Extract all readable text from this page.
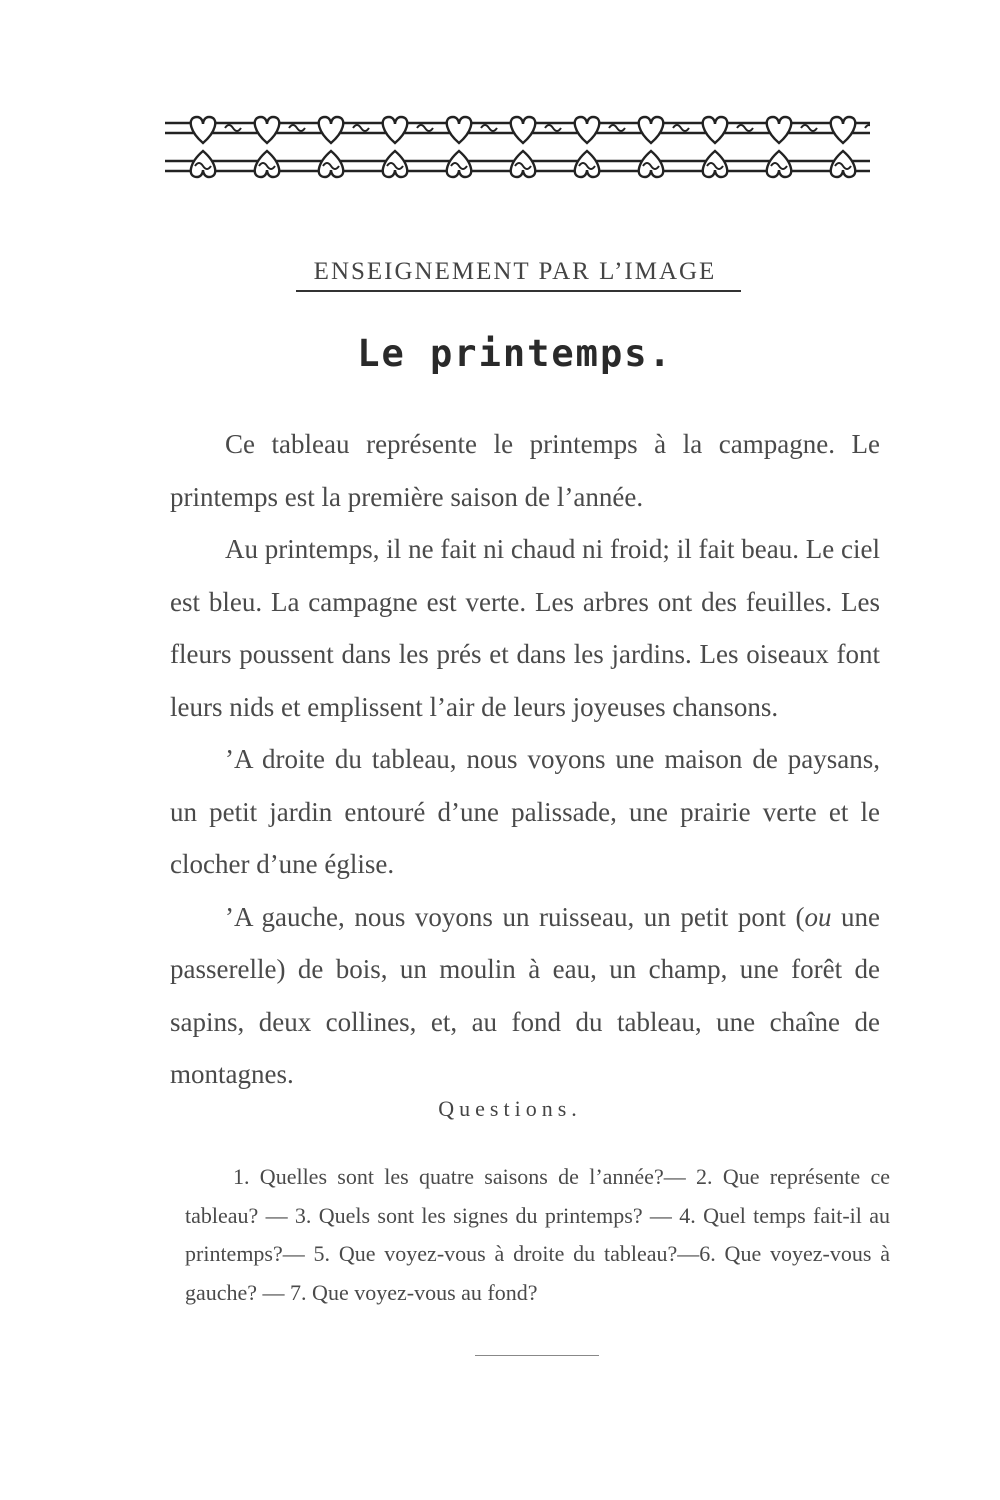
ENSEIGNEMENT PAR L’IMAGE
Le printemps.

Ce tableau représente le printemps à la campagne. Le printemps est la première saison de l’année.

Au printemps, il ne fait ni chaud ni froid; il fait beau. Le ciel est bleu. La campagne est verte. Les arbres ont des feuilles. Les fleurs poussent dans les prés et dans les jardins. Les oiseaux font leurs nids et emplissent l’air de leurs joyeuses chansons.

’A droite du tableau, nous voyons une maison de paysans, un petit jardin entouré d’une palissade, une prairie verte et le clocher d’une église.

’A gauche, nous voyons un ruisseau, un petit pont (ou une passerelle) de bois, un moulin à eau, un champ, une forêt de sapins, deux collines, et, au fond du tableau, une chaîne de montagnes.

Questions.
1. Quelles sont les quatre saisons de l’année?— 2. Que représente ce tableau? — 3. Quels sont les signes du printemps? — 4. Quel temps fait-il au printemps?— 5. Que voyez-vous à droite du tableau?—6. Que voyez-vous à gauche? — 7. Que voyez-vous au fond?
